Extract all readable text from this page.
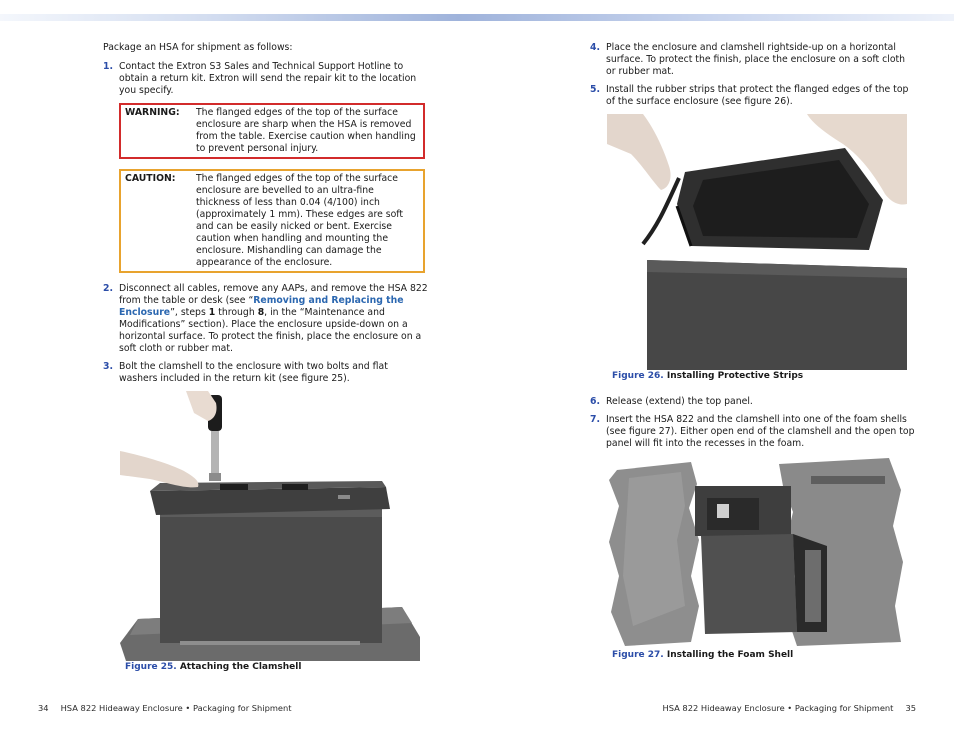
Package an HSA for shipment as follows:

1. Contact the Extron S3 Sales and Technical Support Hotline to obtain a return kit. Extron will send the repair kit to the location you specify.

WARNING:	The flanged edges of the top of the surface enclosure are sharp when the HSA is removed from the table. Exercise caution when handling to prevent personal injury.
CAUTION:	The flanged edges of the top of the surface enclosure are bevelled to an ultra-fine thickness of less than 0.04 (4/100) inch (approximately 1 mm). These edges are soft and can be easily nicked or bent. Exercise caution when handling and mounting the enclosure. Mishandling can damage the appearance of the enclosure.
2. Disconnect all cables, remove any AAPs, and remove the HSA 822 from the table or desk (see “Removing and Replacing the Enclosure”, steps 1 through 8, in the “Maintenance and Modifications” section). Place the enclosure upside-down on a horizontal surface. To protect the finish, place the enclosure on a soft cloth or rubber mat.

3. Bolt the clamshell to the enclosure with two bolts and flat washers included in the return kit (see figure 25).

Figure 25. Attaching the Clamshell

4. Place the enclosure and clamshell rightside-up on a horizontal surface. To protect the finish, place the enclosure on a soft cloth or rubber mat.

5. Install the rubber strips that protect the flanged edges of the top of the surface enclosure (see figure 26).

Figure 26. Installing Protective Strips

6. Release (extend) the top panel.

7. Insert the HSA 822 and the clamshell into one of the foam shells (see figure 27). Either open end of the clamshell and the open top panel will fit into the recesses in the foam.

Figure 27. Installing the Foam Shell

34 HSA 822 Hideaway Enclosure • Packaging for Shipment	HSA 822 Hideaway Enclosure • Packaging for Shipment 35
